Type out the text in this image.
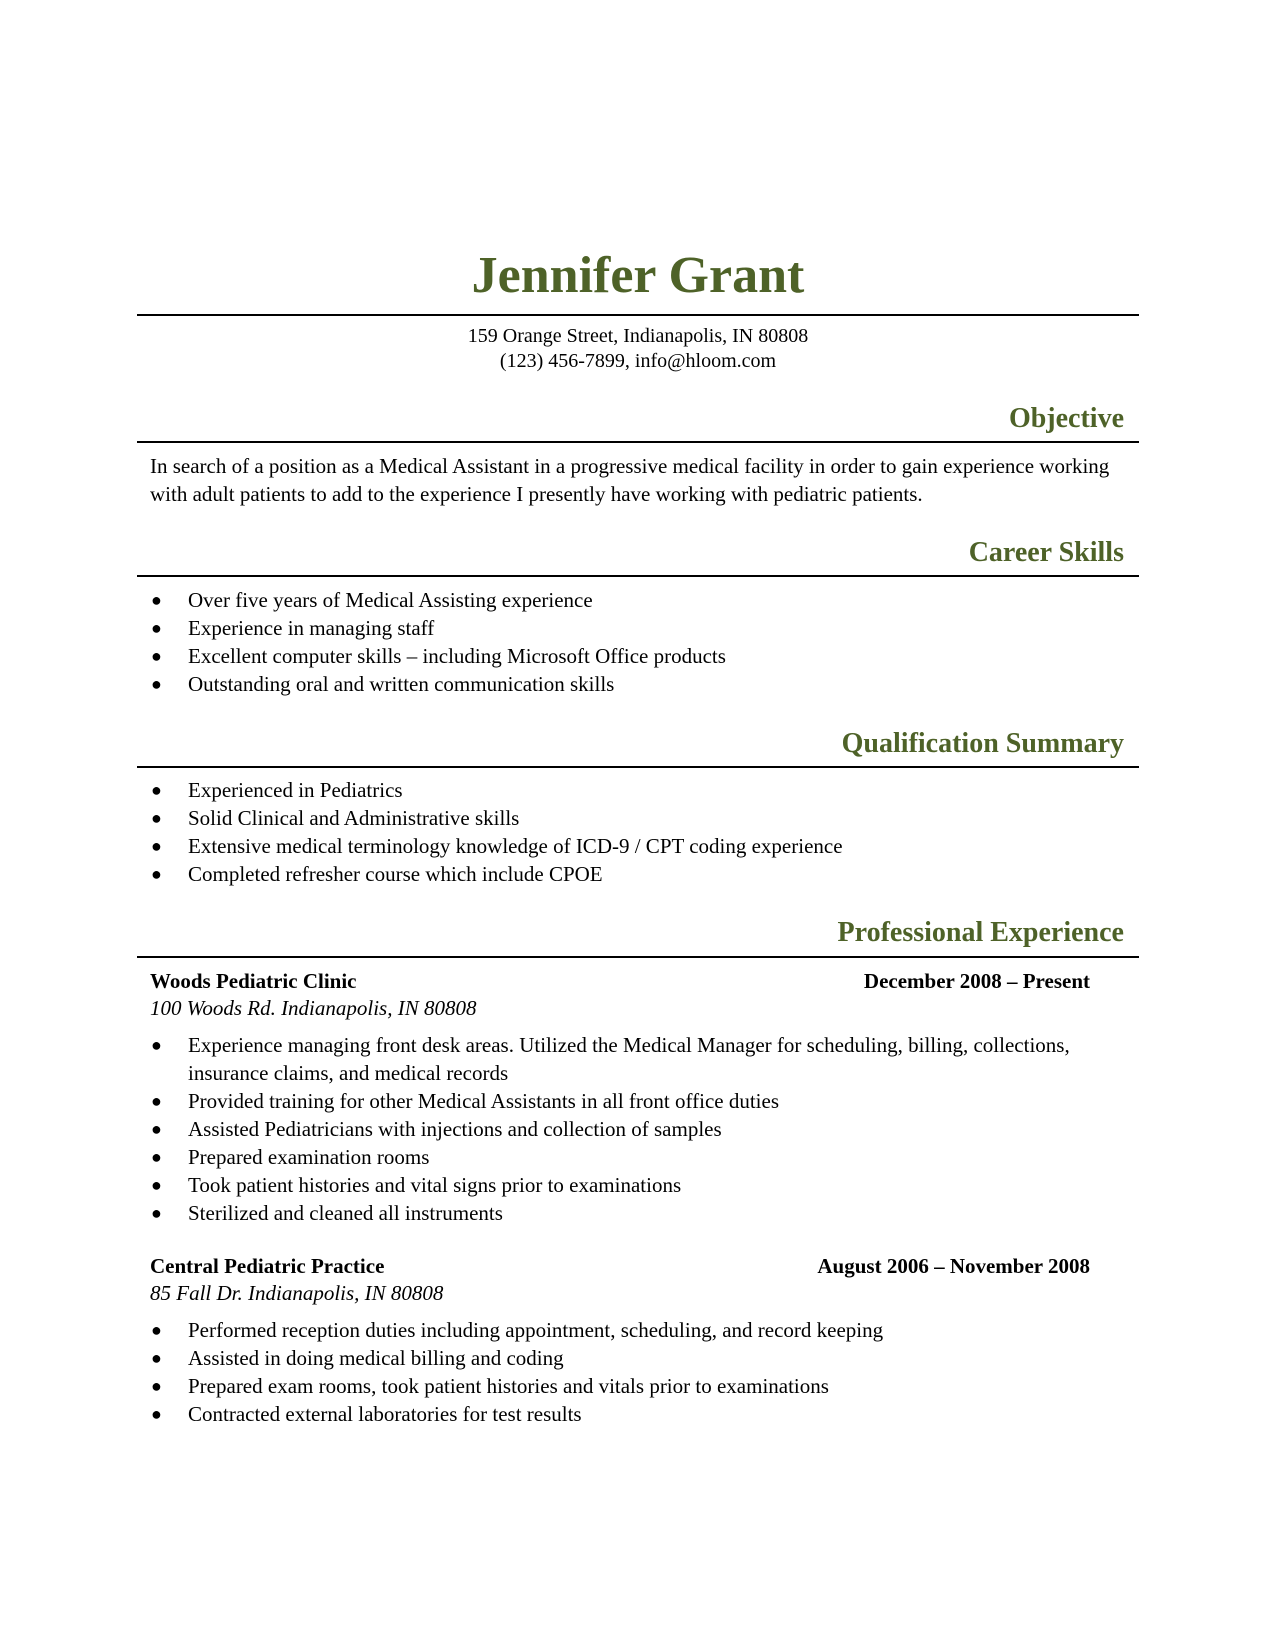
Jennifer Grant
159 Orange Street, Indianapolis, IN 80808
(123) 456-7899, info@hloom.com
Objective

In search of a position as a Medical Assistant in a progressive medical facility in order to gain experience working with adult patients to add to the experience I presently have working with pediatric patients.

Career Skills
● Over five years of Medical Assisting experience
● Experience in managing staff
● Excellent computer skills – including Microsoft Office products
● Outstanding oral and written communication skills
Qualification Summary
● Experienced in Pediatrics
● Solid Clinical and Administrative skills
● Extensive medical terminology knowledge of ICD-9 / CPT coding experience
● Completed refresher course which include CPOE
Professional Experience
Woods Pediatric Clinic	December 2008 – Present
100 Woods Rd. Indianapolis, IN 80808
● Experience managing front desk areas. Utilized the Medical Manager for scheduling, billing, collections, insurance claims, and medical records
● Provided training for other Medical Assistants in all front office duties
● Assisted Pediatricians with injections and collection of samples
● Prepared examination rooms
● Took patient histories and vital signs prior to examinations
● Sterilized and cleaned all instruments
Central Pediatric Practice	August 2006 – November 2008
85 Fall Dr. Indianapolis, IN 80808
● Performed reception duties including appointment, scheduling, and record keeping
● Assisted in doing medical billing and coding
● Prepared exam rooms, took patient histories and vitals prior to examinations
● Contracted external laboratories for test results
